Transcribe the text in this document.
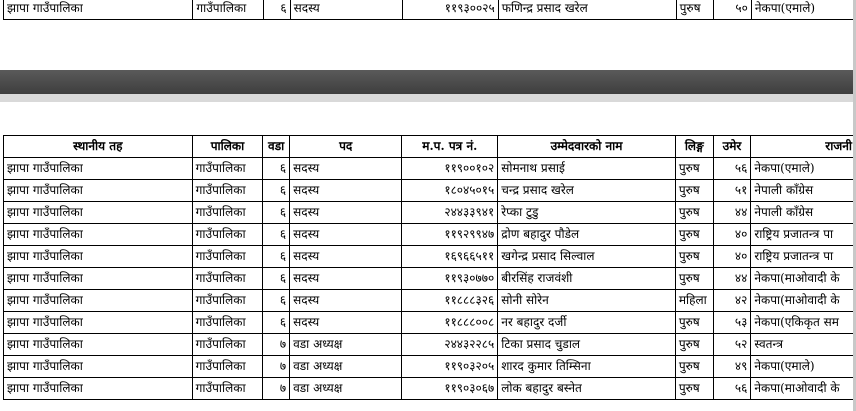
झापा गाउँपालिका	गाउँपालिका	६	सदस्य	११९३००२५	फणिन्द्र प्रसाद खरेल	पुरुष	५०	नेकपा(एमाले)
स्थानीय तह	पालिका	वडा	पद	म.प. पत्र नं.	उम्मेदवारको नाम	लिङ्ग	उमेर	राजनी
झापा गाउँपालिका	गाउँपालिका	६	सदस्य	११९००१०२	सोमनाथ प्रसाई	पुरुष	५६	नेकपा(एमाले)
झापा गाउँपालिका	गाउँपालिका	६	सदस्य	१८०४५०१५	चन्द्र प्रसाद खरेल	पुरुष	५१	नेपाली काँग्रेस
झापा गाउँपालिका	गाउँपालिका	६	सदस्य	२४४३३९४१	रेप्का टुडु	पुरुष	४४	नेपाली काँग्रेस
झापा गाउँपालिका	गाउँपालिका	६	सदस्य	११९२९९४७	द्रोण बहादुर पौडेल	पुरुष	४०	राष्ट्रिय प्रजातन्त्र पा
झापा गाउँपालिका	गाउँपालिका	६	सदस्य	१६९६६५११	खगेन्द्र प्रसाद सिल्वाल	पुरुष	४०	राष्ट्रिय प्रजातन्त्र पा
झापा गाउँपालिका	गाउँपालिका	६	सदस्य	११९३०७७०	बीरसिंह राजवंशी	पुरुष	४४	नेकपा(माओवादी के
झापा गाउँपालिका	गाउँपालिका	६	सदस्य	११८८८३२६	सोनी सोरेन	महिला	४२	नेकपा(माओवादी के
झापा गाउँपालिका	गाउँपालिका	६	सदस्य	११८८८००८	नर बहादुर दर्जी	पुरुष	५३	नेकपा(एकिकृत सम
झापा गाउँपालिका	गाउँपालिका	७	वडा अध्यक्ष	२४४३२२८५	टिका प्रसाद चुडाल	पुरुष	५२	स्वतन्त्र
झापा गाउँपालिका	गाउँपालिका	७	वडा अध्यक्ष	११९०३२०५	शारद कुमार तिम्सिना	पुरुष	४९	नेकपा(एमाले)
झापा गाउँपालिका	गाउँपालिका	७	वडा अध्यक्ष	११९०३०६७	लोक बहादुर बस्नेत	पुरुष	५६	नेकपा(माओवादी के
